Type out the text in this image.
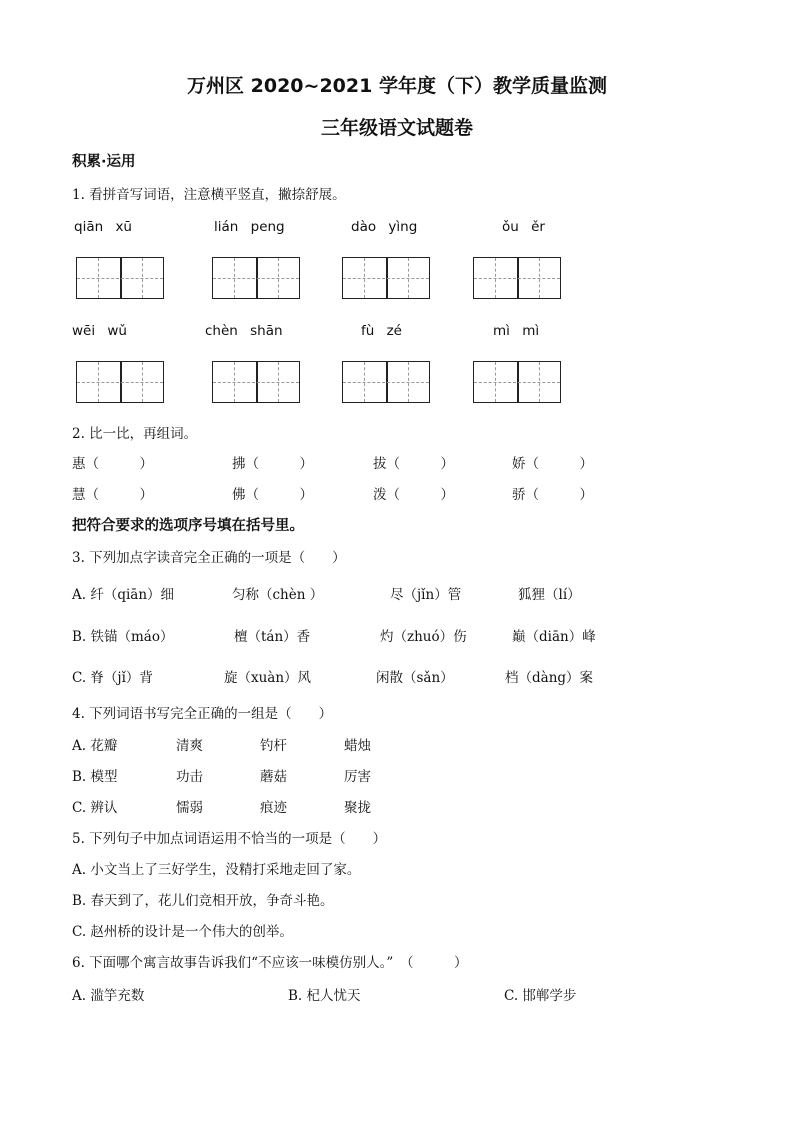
万州区 2020~2021 学年度（下）教学质量监测
三年级语文试题卷
积累·运用
1. 看拼音写词语，注意横平竖直，撇捺舒展。
qiān xū	lián peng	dào yìng	ǒu ěr
wēi wǔ	chèn shān	fù zé	mì mì
2. 比一比，再组词。
惠（　　　）	拂（　　　）	拔（　　　）	娇（　　　）
慧（　　　）	佛（　　　）	泼（　　　）	骄（　　　）
把符合要求的选项序号填在括号里。
3. 下列加点字读音完全正确的一项是（　　）
A. 纤（qiān）细	匀称（chèn ）	尽（jǐn）管	狐狸（lí）
B. 铁锚（máo）	檀（tán）香	灼（zhuó）伤	巅（diān）峰
C. 脊（jǐ）背	旋（xuàn）风	闲散（sǎn）	档（dàng）案
4. 下列词语书写完全正确的一组是（　　）
A. 花瓣	清爽	钓杆	蜡烛
B. 模型	功击	蘑菇	厉害
C. 辨认	懦弱	痕迹	聚拢
5. 下列句子中加点词语运用不恰当的一项是（　　）
A. 小文当上了三好学生，没精打采地走回了家。
B. 春天到了，花儿们竞相开放，争奇斗艳。
C. 赵州桥的设计是一个伟大的创举。
6. 下面哪个寓言故事告诉我们“不应该一味模仿别人。”　（　　　）
A. 滥竽充数	B. 杞人忧天	C. 邯郸学步
